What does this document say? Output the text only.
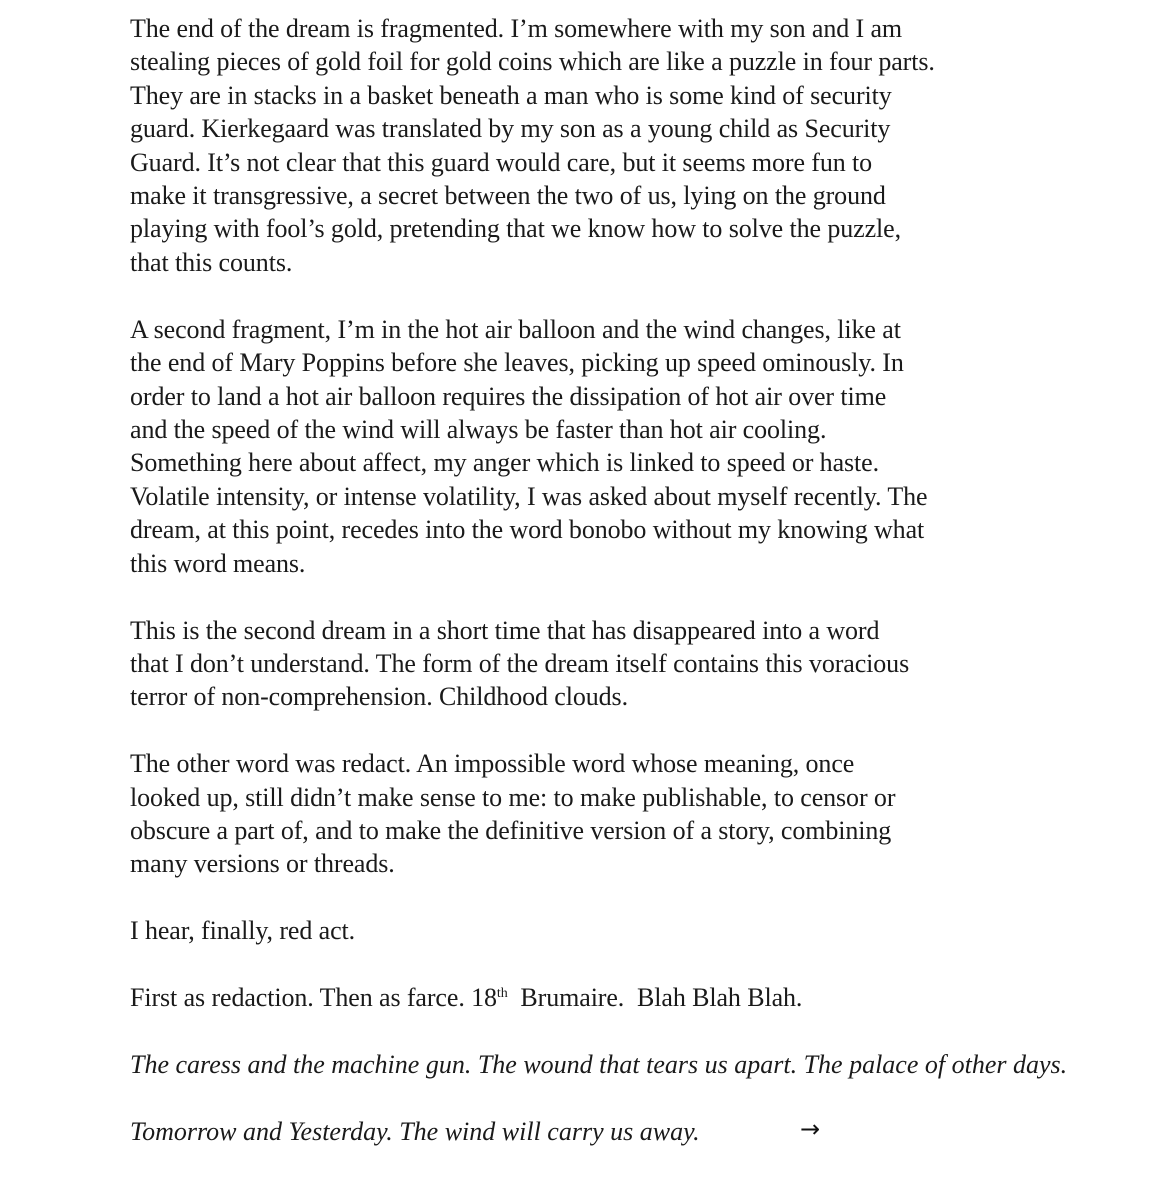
The end of the dream is fragmented. I’m somewhere with my son and I am
stealing pieces of gold foil for gold coins which are like a puzzle in four parts.
They are in stacks in a basket beneath a man who is some kind of security
guard. Kierkegaard was translated by my son as a young child as Security
Guard. It’s not clear that this guard would care, but it seems more fun to
make it transgressive, a secret between the two of us, lying on the ground
playing with fool’s gold, pretending that we know how to solve the puzzle,
that this counts.
A second fragment, I’m in the hot air balloon and the wind changes, like at
the end of Mary Poppins before she leaves, picking up speed ominously. In
order to land a hot air balloon requires the dissipation of hot air over time
and the speed of the wind will always be faster than hot air cooling.
Something here about affect, my anger which is linked to speed or haste.
Volatile intensity, or intense volatility, I was asked about myself recently. The
dream, at this point, recedes into the word bonobo without my knowing what
this word means.
This is the second dream in a short time that has disappeared into a word
that I don’t understand. The form of the dream itself contains this voracious
terror of non-comprehension. Childhood clouds.
The other word was redact. An impossible word whose meaning, once
looked up, still didn’t make sense to me: to make publishable, to censor or
obscure a part of, and to make the definitive version of a story, combining
many versions or threads.
I hear, finally, red act.
First as redaction. Then as farce. 18th  Brumaire.  Blah Blah Blah.
The caress and the machine gun. The wound that tears us apart. The palace of other days.
Tomorrow and Yesterday. The wind will carry us away.	→
